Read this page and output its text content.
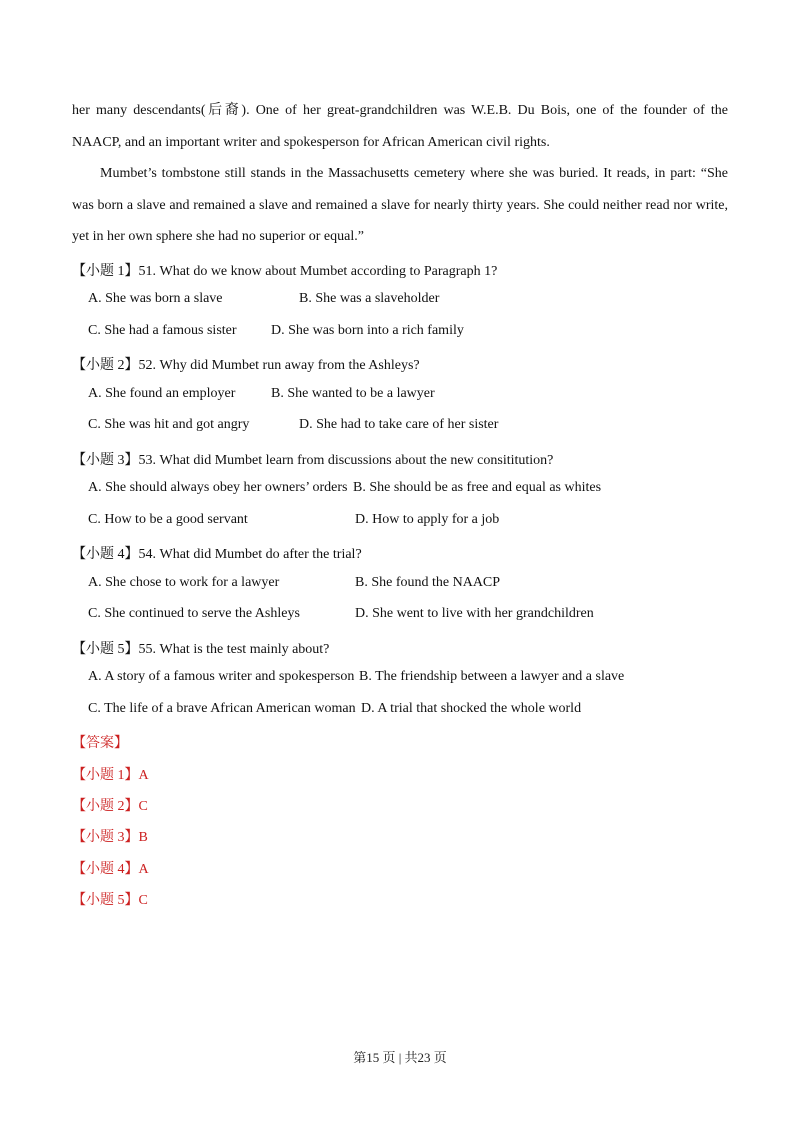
her many descendants(后裔). One of her great-grandchildren was W.E.B. Du Bois, one of the founder of the NAACP, and an important writer and spokesperson for African American civil rights.

Mumbet’s tombstone still stands in the Massachusetts cemetery where she was buried. It reads, in part: “She was born a slave and remained a slave and remained a slave for nearly thirty years. She could neither read nor write, yet in her own sphere she had no superior or equal.”

【小题 1】51. What do we know about Mumbet according to Paragraph 1?
A. She was born a slave	B. She was a slaveholder
C. She had a famous sister D. She was born into a rich family
【小题 2】52. Why did Mumbet run away from the Ashleys?
A. She found an employer	B. She wanted to be a lawyer
C. She was hit and got angry	D. She had to take care of her sister
【小题 3】53. What did Mumbet learn from discussions about the new consititution?
A. She should always obey her owners’ orders B. She should be as free and equal as whites
C. How to be a good servant	D. How to apply for a job
【小题 4】54. What did Mumbet do after the trial?
A. She chose to work for a lawyer	B. She found the NAACP
C. She continued to serve the Ashleys	D. She went to live with her grandchildren
【小题 5】55. What is the test mainly about?
A. A story of a famous writer and spokesperson B. The friendship between a lawyer and a slave
C. The life of a brave African American woman D. A trial that shocked the whole world
【答案】
【小题 1】A
【小题 2】C
【小题 3】B
【小题 4】A
【小题 5】C
第15 页 | 共23 页
